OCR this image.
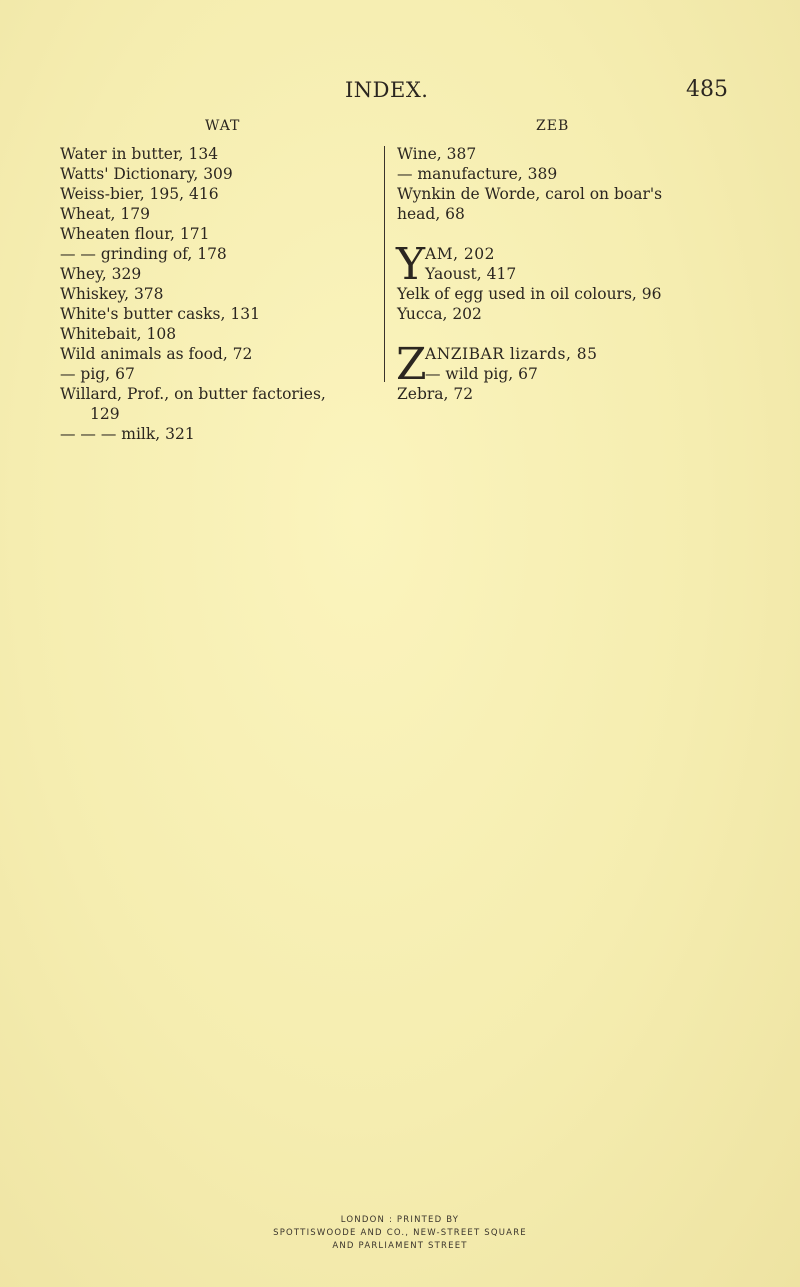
INDEX.	485
WAT	ZEB
Water in butter, 134
Watts' Dictionary, 309
Weiss-bier, 195, 416
Wheat, 179
Wheaten flour, 171
— — grinding of, 178
Whey, 329
Whiskey, 378
White's butter casks, 131
Whitebait, 108
Wild animals as food, 72
— pig, 67
Willard, Prof., on butter factories,
129
— — — milk, 321
Wine, 387
— manufacture, 389
Wynkin de Worde, carol on boar's
head, 68
Y AM, 202
Yaoust, 417
Yelk of egg used in oil colours, 96
Yucca, 202
Z
ANZIBAR lizards, 85
— wild pig, 67
Zebra, 72
LONDON : PRINTED BY
SPOTTISWOODE AND CO., NEW-STREET SQUARE
AND PARLIAMENT STREET
